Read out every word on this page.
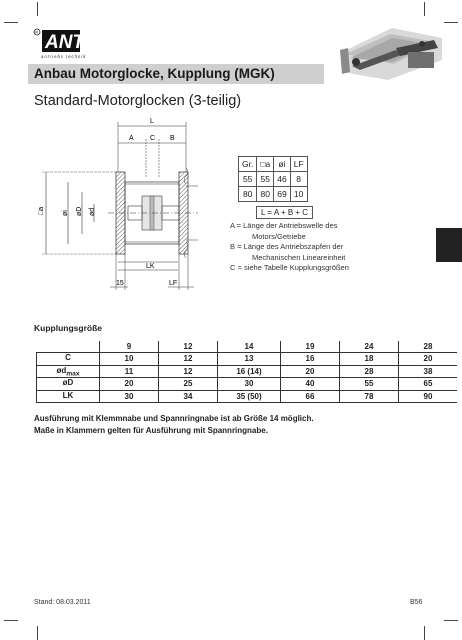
R ANT
antriebs technik
Anbau Motorglocke, Kupplung (MGK)
Standard-Motorglocken (3-teilig)
L
A C B
□a øi øD ød
LK
15	LF
Gr.	□a	øi	LF
55	55	46	8
80	80	69	10
L = A + B + C
A = Länge der Antriebswelle des
Motors/Getriebe
B = Länge des Antriebszapfen der
Mechanischen Lineareinheit
C = siehe Tabelle Kupplungsgrößen
Kupplungsgröße
	9	12	14	19	24	28
C	10	12	13	16	18	20
$ød_{max}$	11	12	16 (14)	20	28	38
øD	20	25	30	40	55	65
LK	30	34	35 (50)	66	78	90
Ausführung mit Klemmnabe und Spannringnabe ist ab Größe 14 möglich.
Maße in Klammern gelten für Ausführung mit Spannringnabe.
Stand: 08.03.2011	B56
